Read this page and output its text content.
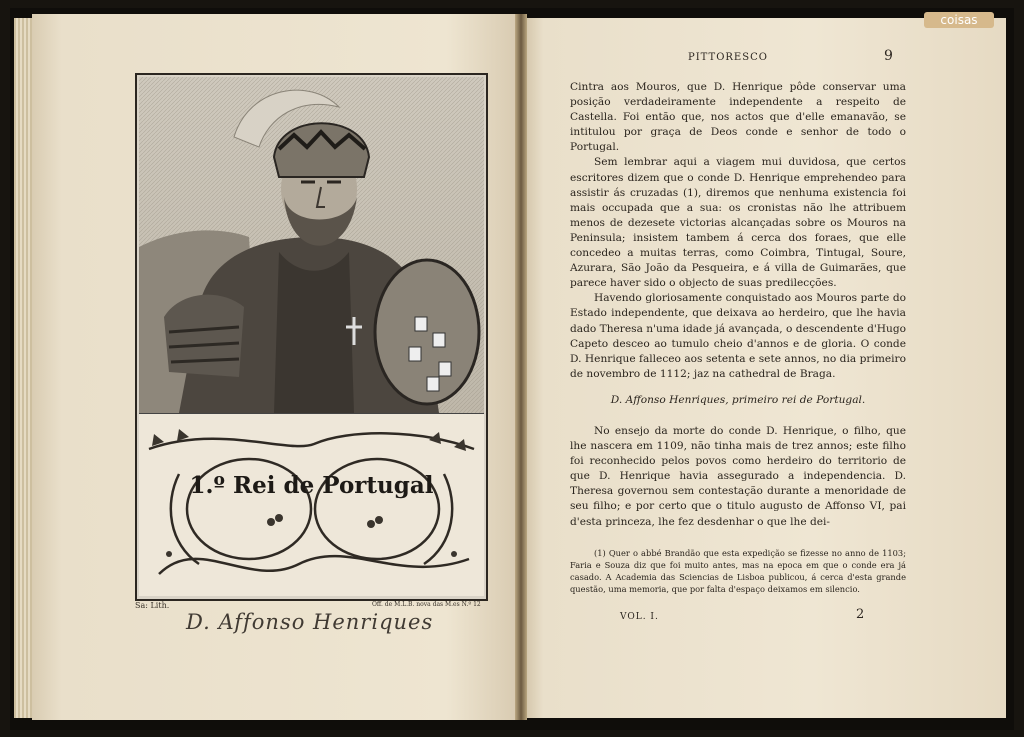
coisas
1.º Rei de Portugal
Sa: Lith.	Off. de M.L.B. nova das M.es N.º 12
D. Affonso Henriques
PITTORESCO	9

Cintra aos Mouros, que D. Henrique pôde conservar uma posição verdadeiramente independente a respeito de Castella. Foi então que, nos actos que d'elle emanavão, se intitulou por graça de Deos conde e senhor de todo o Portugal.

Sem lembrar aqui a viagem mui duvidosa, que certos escritores dizem que o conde D. Henrique emprehendeo para assistir ás cruzadas (1), diremos que nenhuma existencia foi mais occupada que a sua: os cronistas não lhe attribuem menos de dezesete victorias alcançadas sobre os Mouros na Peninsula; insistem tambem á cerca dos foraes, que elle concedeo a muitas terras, como Coimbra, Tintugal, Soure, Azurara, São João da Pesqueira, e á villa de Guimarães, que parece haver sido o objecto de suas predilecções.

Havendo gloriosamente conquistado aos Mouros parte do Estado independente, que deixava ao herdeiro, que lhe havia dado Theresa n'uma idade já avançada, o descendente d'Hugo Capeto desceo ao tumulo cheio d'annos e de gloria. O conde D. Henrique falleceo aos setenta e sete annos, no dia primeiro de novembro de 1112; jaz na cathedral de Braga.

D. Affonso Henriques, primeiro rei de Portugal.

No ensejo da morte do conde D. Henrique, o filho, que lhe nascera em 1109, não tinha mais de trez annos; este filho foi reconhecido pelos povos como herdeiro do territorio de que D. Henrique havia assegurado a independencia. D. Theresa governou sem contestação durante a menoridade de seu filho; e por certo que o titulo augusto de Affonso VI, pai d'esta princeza, lhe fez desdenhar o que lhe dei-

(1) Quer o abbé Brandão que esta expedição se fizesse no anno de 1103; Faria e Souza diz que foi muito antes, mas na epoca em que o conde era já casado. A Academia das Sciencias de Lisboa publicou, á cerca d'esta grande questão, uma memoria, que por falta d'espaço deixamos em silencio.

VOL. I.	2
